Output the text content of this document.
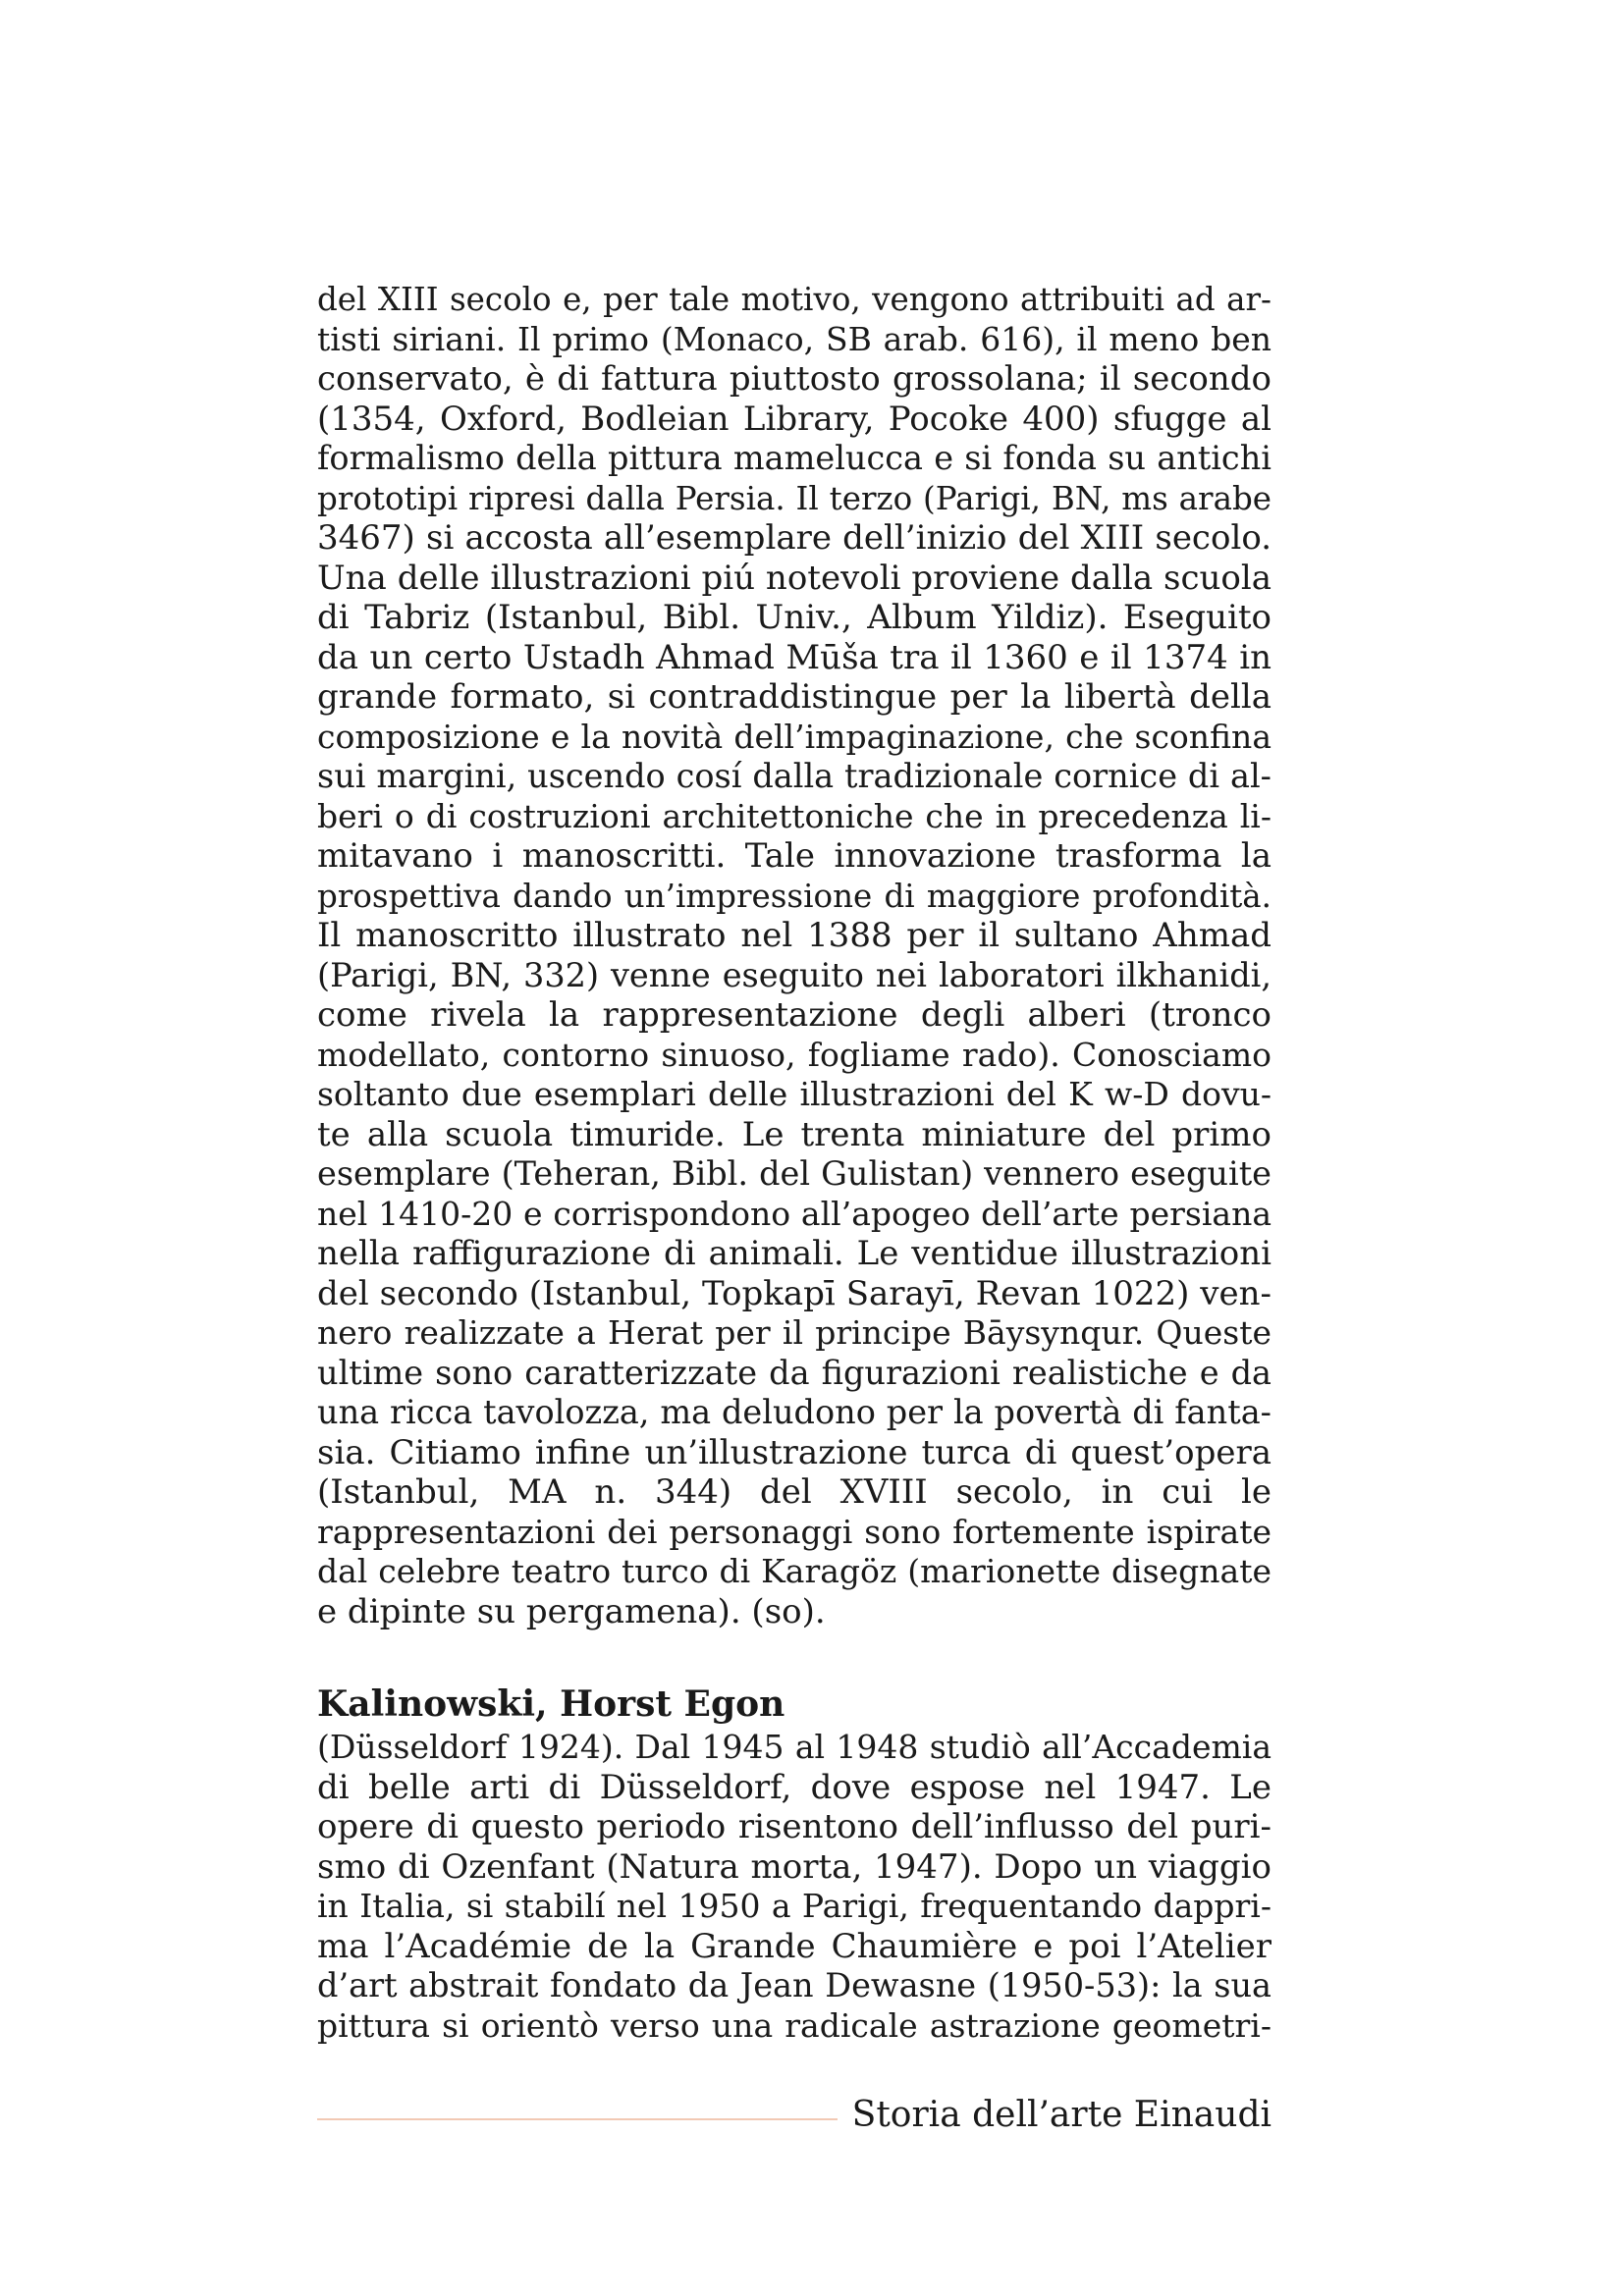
del XIII secolo e, per tale motivo, vengono attribuiti ad ar-
tisti siriani. Il primo (Monaco, SB arab. 616), il meno ben
conservato, è di fattura piuttosto grossolana; il secondo
(1354, Oxford, Bodleian Library, Pocoke 400) sfugge al
formalismo della pittura mamelucca e si fonda su antichi
prototipi ripresi dalla Persia. Il terzo (Parigi, BN, ms arabe
3467) si accosta all’esemplare dell’inizio del XIII secolo.
Una delle illustrazioni piú notevoli proviene dalla scuola
di Tabriz (Istanbul, Bibl. Univ., Album Yildiz). Eseguito
da un certo Ustadh Ahmad Mūšа tra il 1360 e il 1374 in
grande formato, si contraddistingue per la libertà della
composizione e la novità dell’impaginazione, che sconfina
sui margini, uscendo cosí dalla tradizionale cornice di al-
beri o di costruzioni architettoniche che in precedenza li-
mitavano i manoscritti. Tale innovazione trasforma la
prospettiva dando un’impressione di maggiore profondità.
Il manoscritto illustrato nel 1388 per il sultano Ahmad
(Parigi, BN, 332) venne eseguito nei laboratori ilkhanidi,
come rivela la rappresentazione degli alberi (tronco
modellato, contorno sinuoso, fogliame rado). Conosciamo
soltanto due esemplari delle illustrazioni del K w-D dovu-
te alla scuola timuride. Le trenta miniature del primo
esemplare (Teheran, Bibl. del Gulistan) vennero eseguite
nel 1410-20 e corrispondono all’apogeo dell’arte persiana
nella raffigurazione di animali. Le ventidue illustrazioni
del secondo (Istanbul, Topkapī Sarayī, Revan 1022) ven-
nero realizzate a Herat per il principe Bāysynqur. Queste
ultime sono caratterizzate da figurazioni realistiche e da
una ricca tavolozza, ma deludono per la povertà di fanta-
sia. Citiamo infine un’illustrazione turca di quest’opera
(Istanbul, MA n. 344) del XVIII secolo, in cui le
rappresentazioni dei personaggi sono fortemente ispirate
dal celebre teatro turco di Karagöz (marionette disegnate
e dipinte su pergamena). (so).
Kalinowski, Horst Egon
(Düsseldorf 1924). Dal 1945 al 1948 studiò all’Accademia
di belle arti di Düsseldorf, dove espose nel 1947. Le
opere di questo periodo risentono dell’influsso del puri-
smo di Ozenfant (Natura morta, 1947). Dopo un viaggio
in Italia, si stabilí nel 1950 a Parigi, frequentando dappri-
ma l’Académie de la Grande Chaumière e poi l’Atelier
d’art abstrait fondato da Jean Dewasne (1950-53): la sua
pittura si orientò verso una radicale astrazione geometri-
Storia dell’arte Einaudi
